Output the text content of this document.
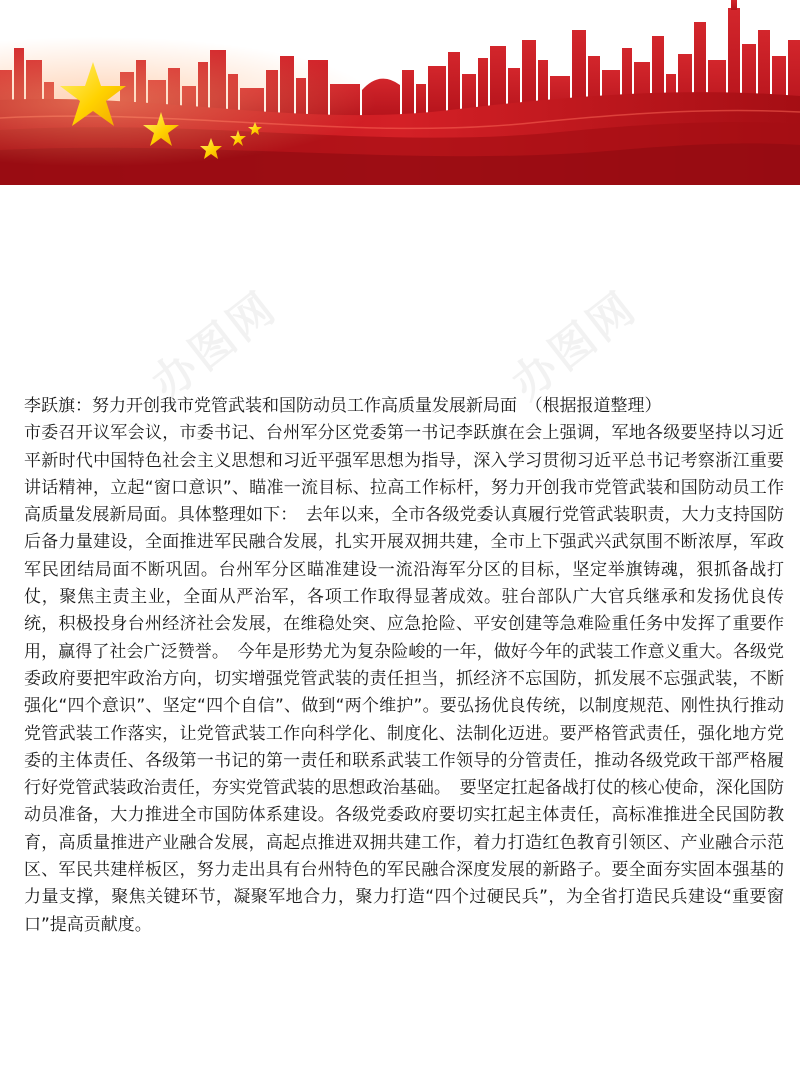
办图网	办图网

李跃旗：努力开创我市党管武装和国防动员工作高质量发展新局面　（根据报道整理）

市委召开议军会议，市委书记、台州军分区党委第一书记李跃旗在会上强调，军地各级要坚持以习近平新时代中国特色社会主义思想和习近平强军思想为指导，深入学习贯彻习近平总书记考察浙江重要讲话精神，立起“窗口意识”、瞄准一流目标、拉高工作标杆，努力开创我市党管武装和国防动员工作高质量发展新局面。具体整理如下：　去年以来，全市各级党委认真履行党管武装职责，大力支持国防后备力量建设，全面推进军民融合发展，扎实开展双拥共建，全市上下强武兴武氛围不断浓厚，军政军民团结局面不断巩固。台州军分区瞄准建设一流沿海军分区的目标，坚定举旗铸魂，狠抓备战打仗，聚焦主责主业，全面从严治军，各项工作取得显著成效。驻台部队广大官兵继承和发扬优良传统，积极投身台州经济社会发展，在维稳处突、应急抢险、平安创建等急难险重任务中发挥了重要作用，赢得了社会广泛赞誉。　今年是形势尤为复杂险峻的一年，做好今年的武装工作意义重大。各级党委政府要把牢政治方向，切实增强党管武装的责任担当，抓经济不忘国防，抓发展不忘强武装，不断强化“四个意识”、坚定“四个自信”、做到“两个维护”。要弘扬优良传统，以制度规范、刚性执行推动党管武装工作落实，让党管武装工作向科学化、制度化、法制化迈进。要严格管武责任，强化地方党委的主体责任、各级第一书记的第一责任和联系武装工作领导的分管责任，推动各级党政干部严格履行好党管武装政治责任，夯实党管武装的思想政治基础。　要坚定扛起备战打仗的核心使命，深化国防动员准备，大力推进全市国防体系建设。各级党委政府要切实扛起主体责任，高标准推进全民国防教育，高质量推进产业融合发展，高起点推进双拥共建工作，着力打造红色教育引领区、产业融合示范区、军民共建样板区，努力走出具有台州特色的军民融合深度发展的新路子。要全面夯实固本强基的力量支撑，聚焦关键环节，凝聚军地合力，聚力打造“四个过硬民兵”，为全省打造民兵建设“重要窗口”提高贡献度。
